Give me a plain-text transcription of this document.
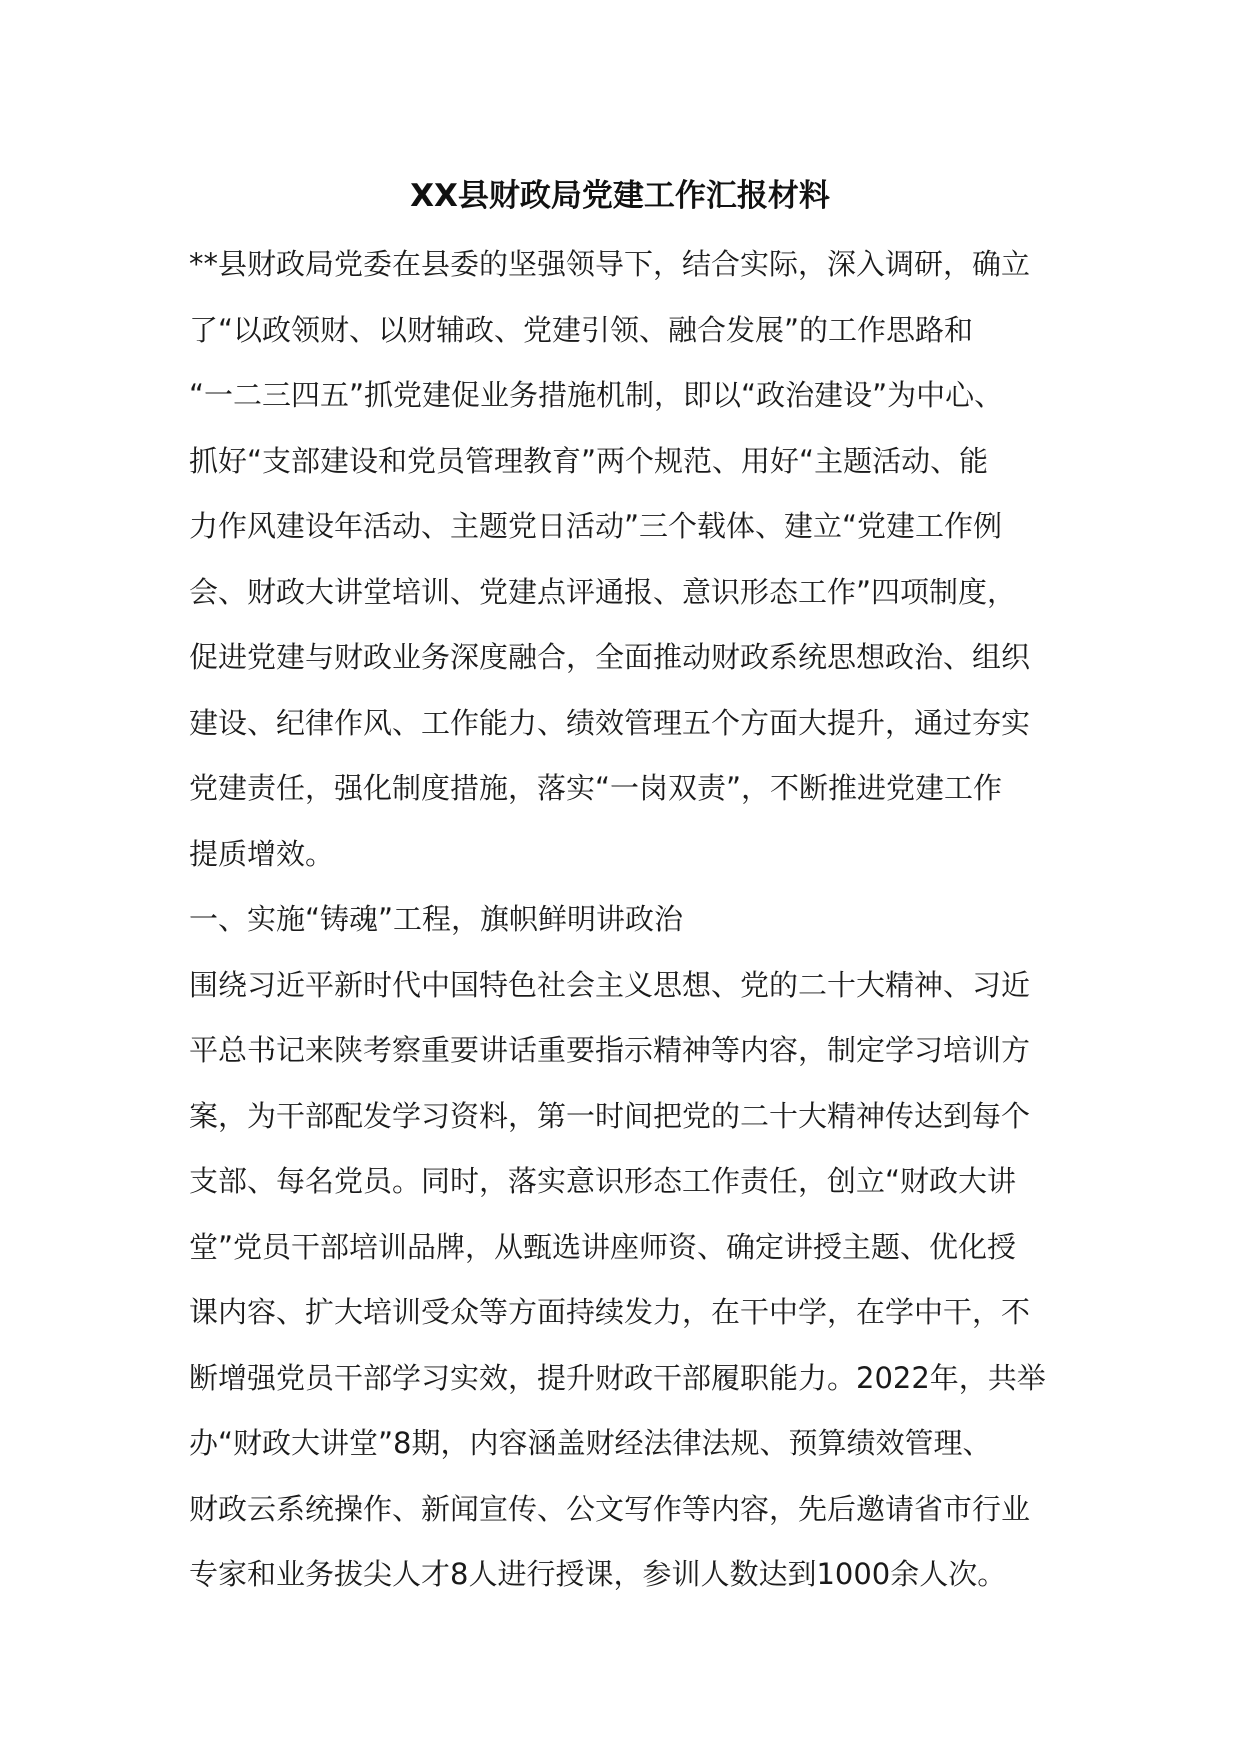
XX县财政局党建工作汇报材料
**县财政局党委在县委的坚强领导下，结合实际，深入调研，确立
了“以政领财、以财辅政、党建引领、融合发展”的工作思路和
“一二三四五”抓党建促业务措施机制，即以“政治建设”为中心、
抓好“支部建设和党员管理教育”两个规范、用好“主题活动、能
力作风建设年活动、主题党日活动”三个载体、建立“党建工作例
会、财政大讲堂培训、党建点评通报、意识形态工作”四项制度，
促进党建与财政业务深度融合，全面推动财政系统思想政治、组织
建设、纪律作风、工作能力、绩效管理五个方面大提升，通过夯实
党建责任，强化制度措施，落实“一岗双责”，不断推进党建工作
提质增效。
一、实施“铸魂”工程，旗帜鲜明讲政治
围绕习近平新时代中国特色社会主义思想、党的二十大精神、习近
平总书记来陕考察重要讲话重要指示精神等内容，制定学习培训方
案，为干部配发学习资料，第一时间把党的二十大精神传达到每个
支部、每名党员。同时，落实意识形态工作责任，创立“财政大讲
堂”党员干部培训品牌，从甄选讲座师资、确定讲授主题、优化授
课内容、扩大培训受众等方面持续发力，在干中学，在学中干，不
断增强党员干部学习实效，提升财政干部履职能力。2022年，共举
办“财政大讲堂”8期，内容涵盖财经法律法规、预算绩效管理、
财政云系统操作、新闻宣传、公文写作等内容，先后邀请省市行业
专家和业务拔尖人才8人进行授课，参训人数达到1000余人次。
